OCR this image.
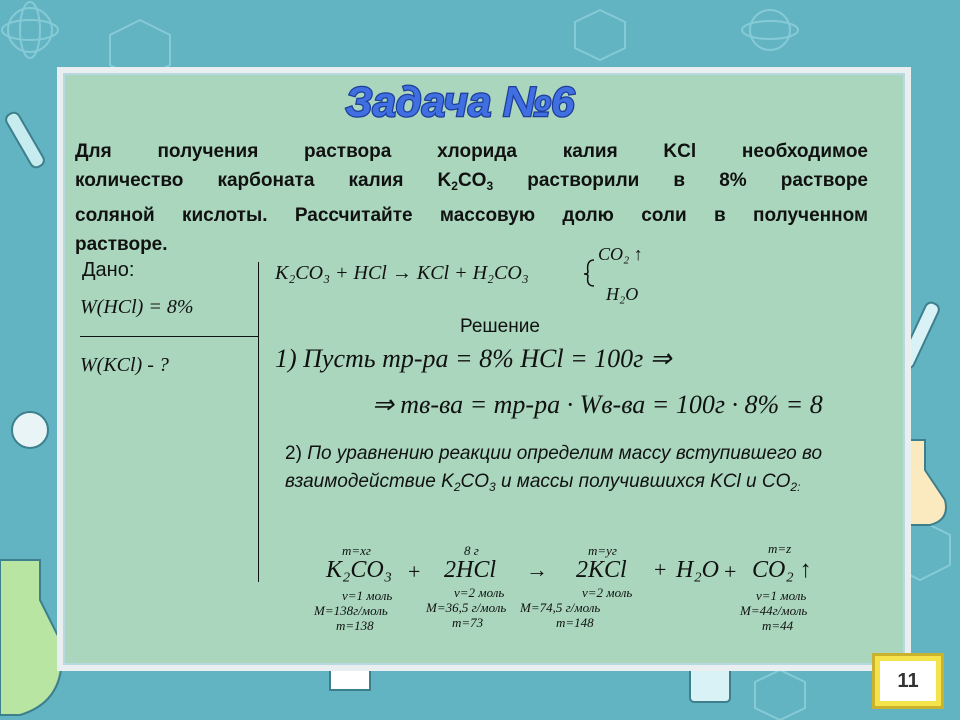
Задача №6
Для получения раствора хлорида калия KCl необходимое
количество карбоната калия $K_2CO_3$ растворили в 8% растворе
соляной кислоты. Рассчитайте массовую долю соли в полученном
растворе.
Дано:
W(HCl) = 8%
W(KCl) - ?
K₂CO₃ + HCl → KCl + H₂CO₃
CO₂ ↑
H₂O
Решение
1) Пусть mр-ра = 8% HCl = 100г ⇒
⇒ mв-ва = mр-ра · Wв-ва = 100г · 8% = 8
2) По уравнению реакции определим массу вступившего во взаимодействие $K_2CO_3$ и массы получившихся KCl и $CO_{2:}$
m=xг
K₂CO₃
ν=1 моль
M=138г/моль
m=138
+
8 г
2HCl
ν=2 моль
M=36,5 г/моль
m=73
→
m=yг
2KCl
ν=2 моль
M=74,5 г/моль
m=148
+ H₂O +
m=z
CO₂ ↑
ν=1 моль
M=44г/моль
m=44
11
